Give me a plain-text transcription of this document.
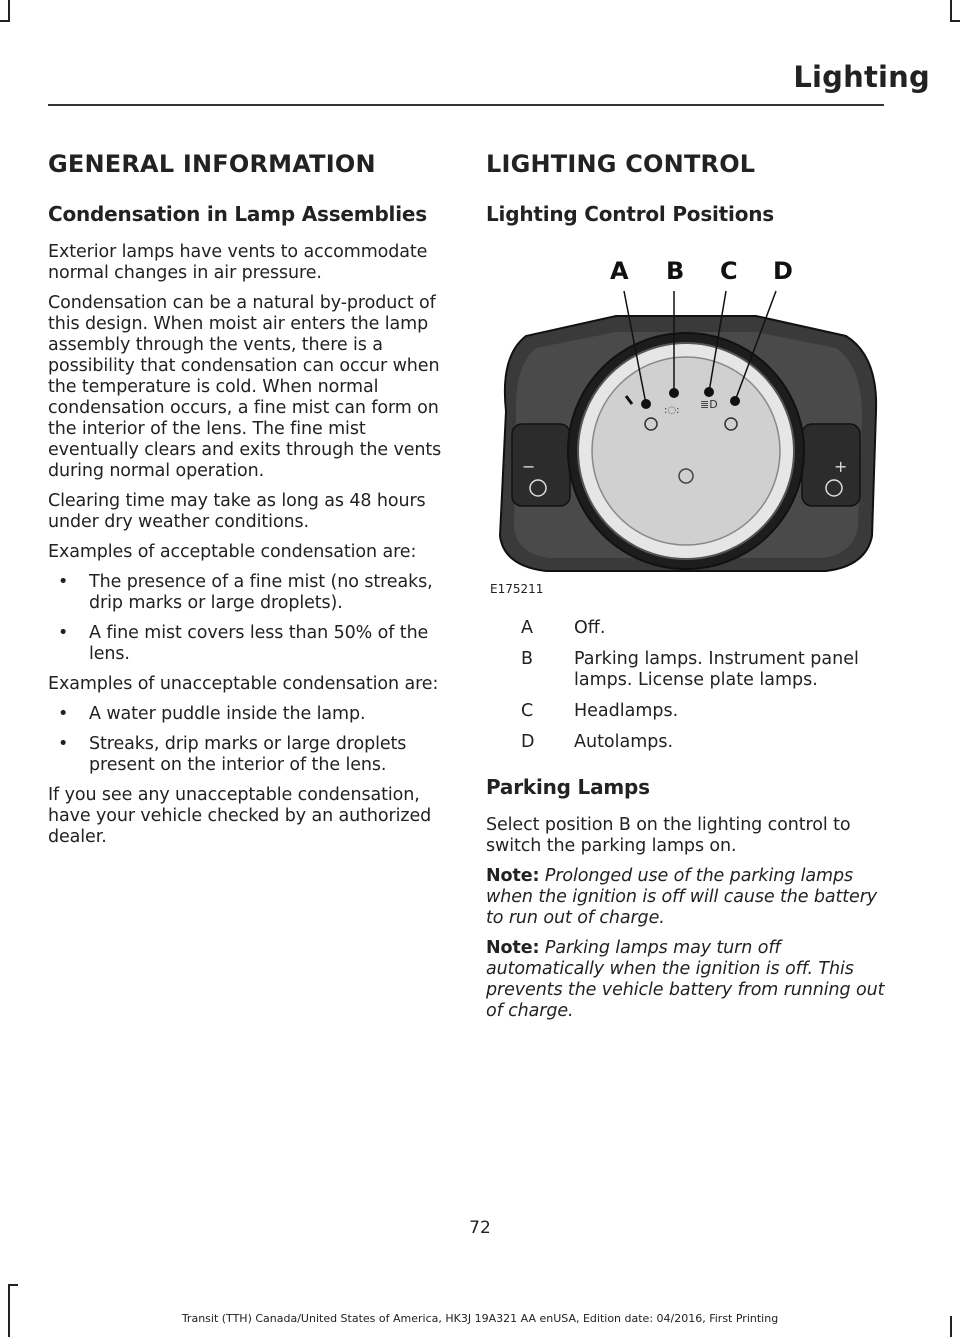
Lighting
GENERAL INFORMATION
Condensation in Lamp Assemblies

Exterior lamps have vents to accommodate normal changes in air pressure.

Condensation can be a natural by-product of this design. When moist air enters the lamp assembly through the vents, there is a possibility that condensation can occur when the temperature is cold. When normal condensation occurs, a fine mist can form on the interior of the lens. The fine mist eventually clears and exits through the vents during normal operation.

Clearing time may take as long as 48 hours under dry weather conditions.

Examples of acceptable condensation are:

• The presence of a fine mist (no streaks, drip marks or large droplets).
• A fine mist covers less than 50% of the lens.

Examples of unacceptable condensation are:

• A water puddle inside the lamp.
• Streaks, drip marks or large droplets present on the interior of the lens.

If you see any unacceptable condensation, have your vehicle checked by an authorized dealer.

LIGHTING CONTROL
Lighting Control Positions
−	+
:◌: ≣D
A B C D
E175211
A	Off.
B	Parking lamps. Instrument panel lamps. License plate lamps.
C	Headlamps.
D	Autolamps.
Parking Lamps

Select position B on the lighting control to switch the parking lamps on.

Note: Prolonged use of the parking lamps when the ignition is off will cause the battery to run out of charge.

Note: Parking lamps may turn off automatically when the ignition is off. This prevents the vehicle battery from running out of charge.

72
Transit (TTH) Canada/United States of America, HK3J 19A321 AA enUSA, Edition date: 04/2016, First Printing
